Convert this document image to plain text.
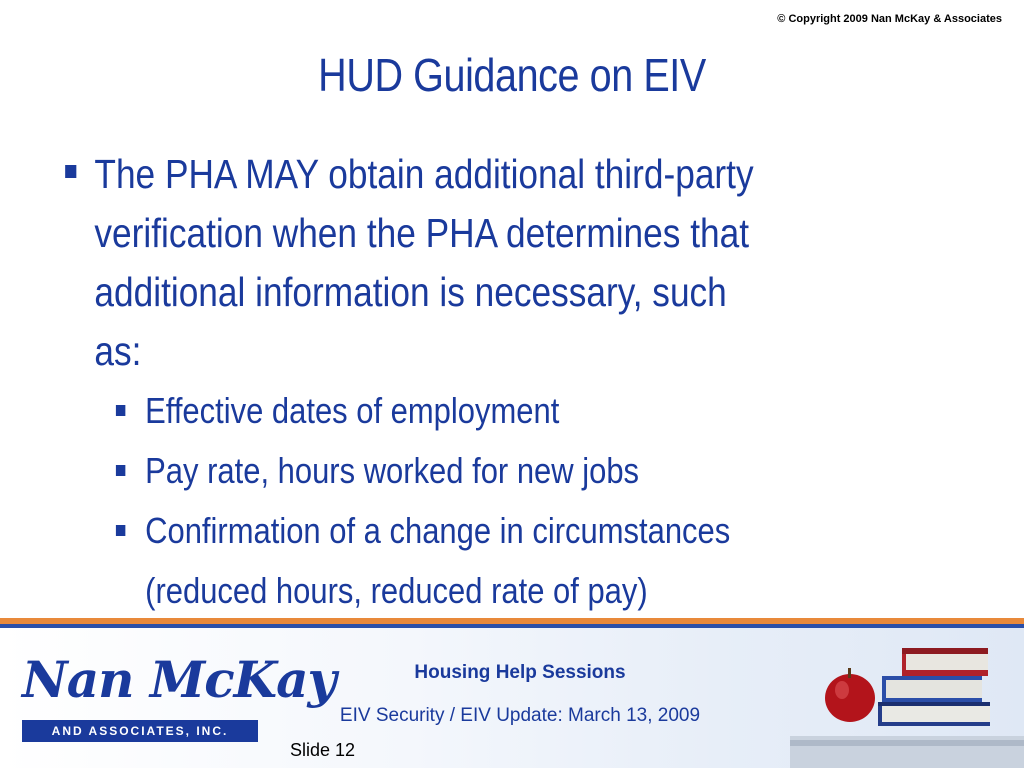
© Copyright 2009 Nan McKay & Associates
HUD Guidance on EIV
The PHA MAY obtain additional third-party
verification when the PHA determines that
additional information is necessary, such
as:
Effective dates of employment
Pay rate, hours worked for new jobs
Confirmation of a change in circumstances
(reduced hours, reduced rate of pay)
Nan McKay
AND ASSOCIATES, INC.
Housing Help Sessions
EIV Security / EIV Update: March 13, 2009
Slide 12
